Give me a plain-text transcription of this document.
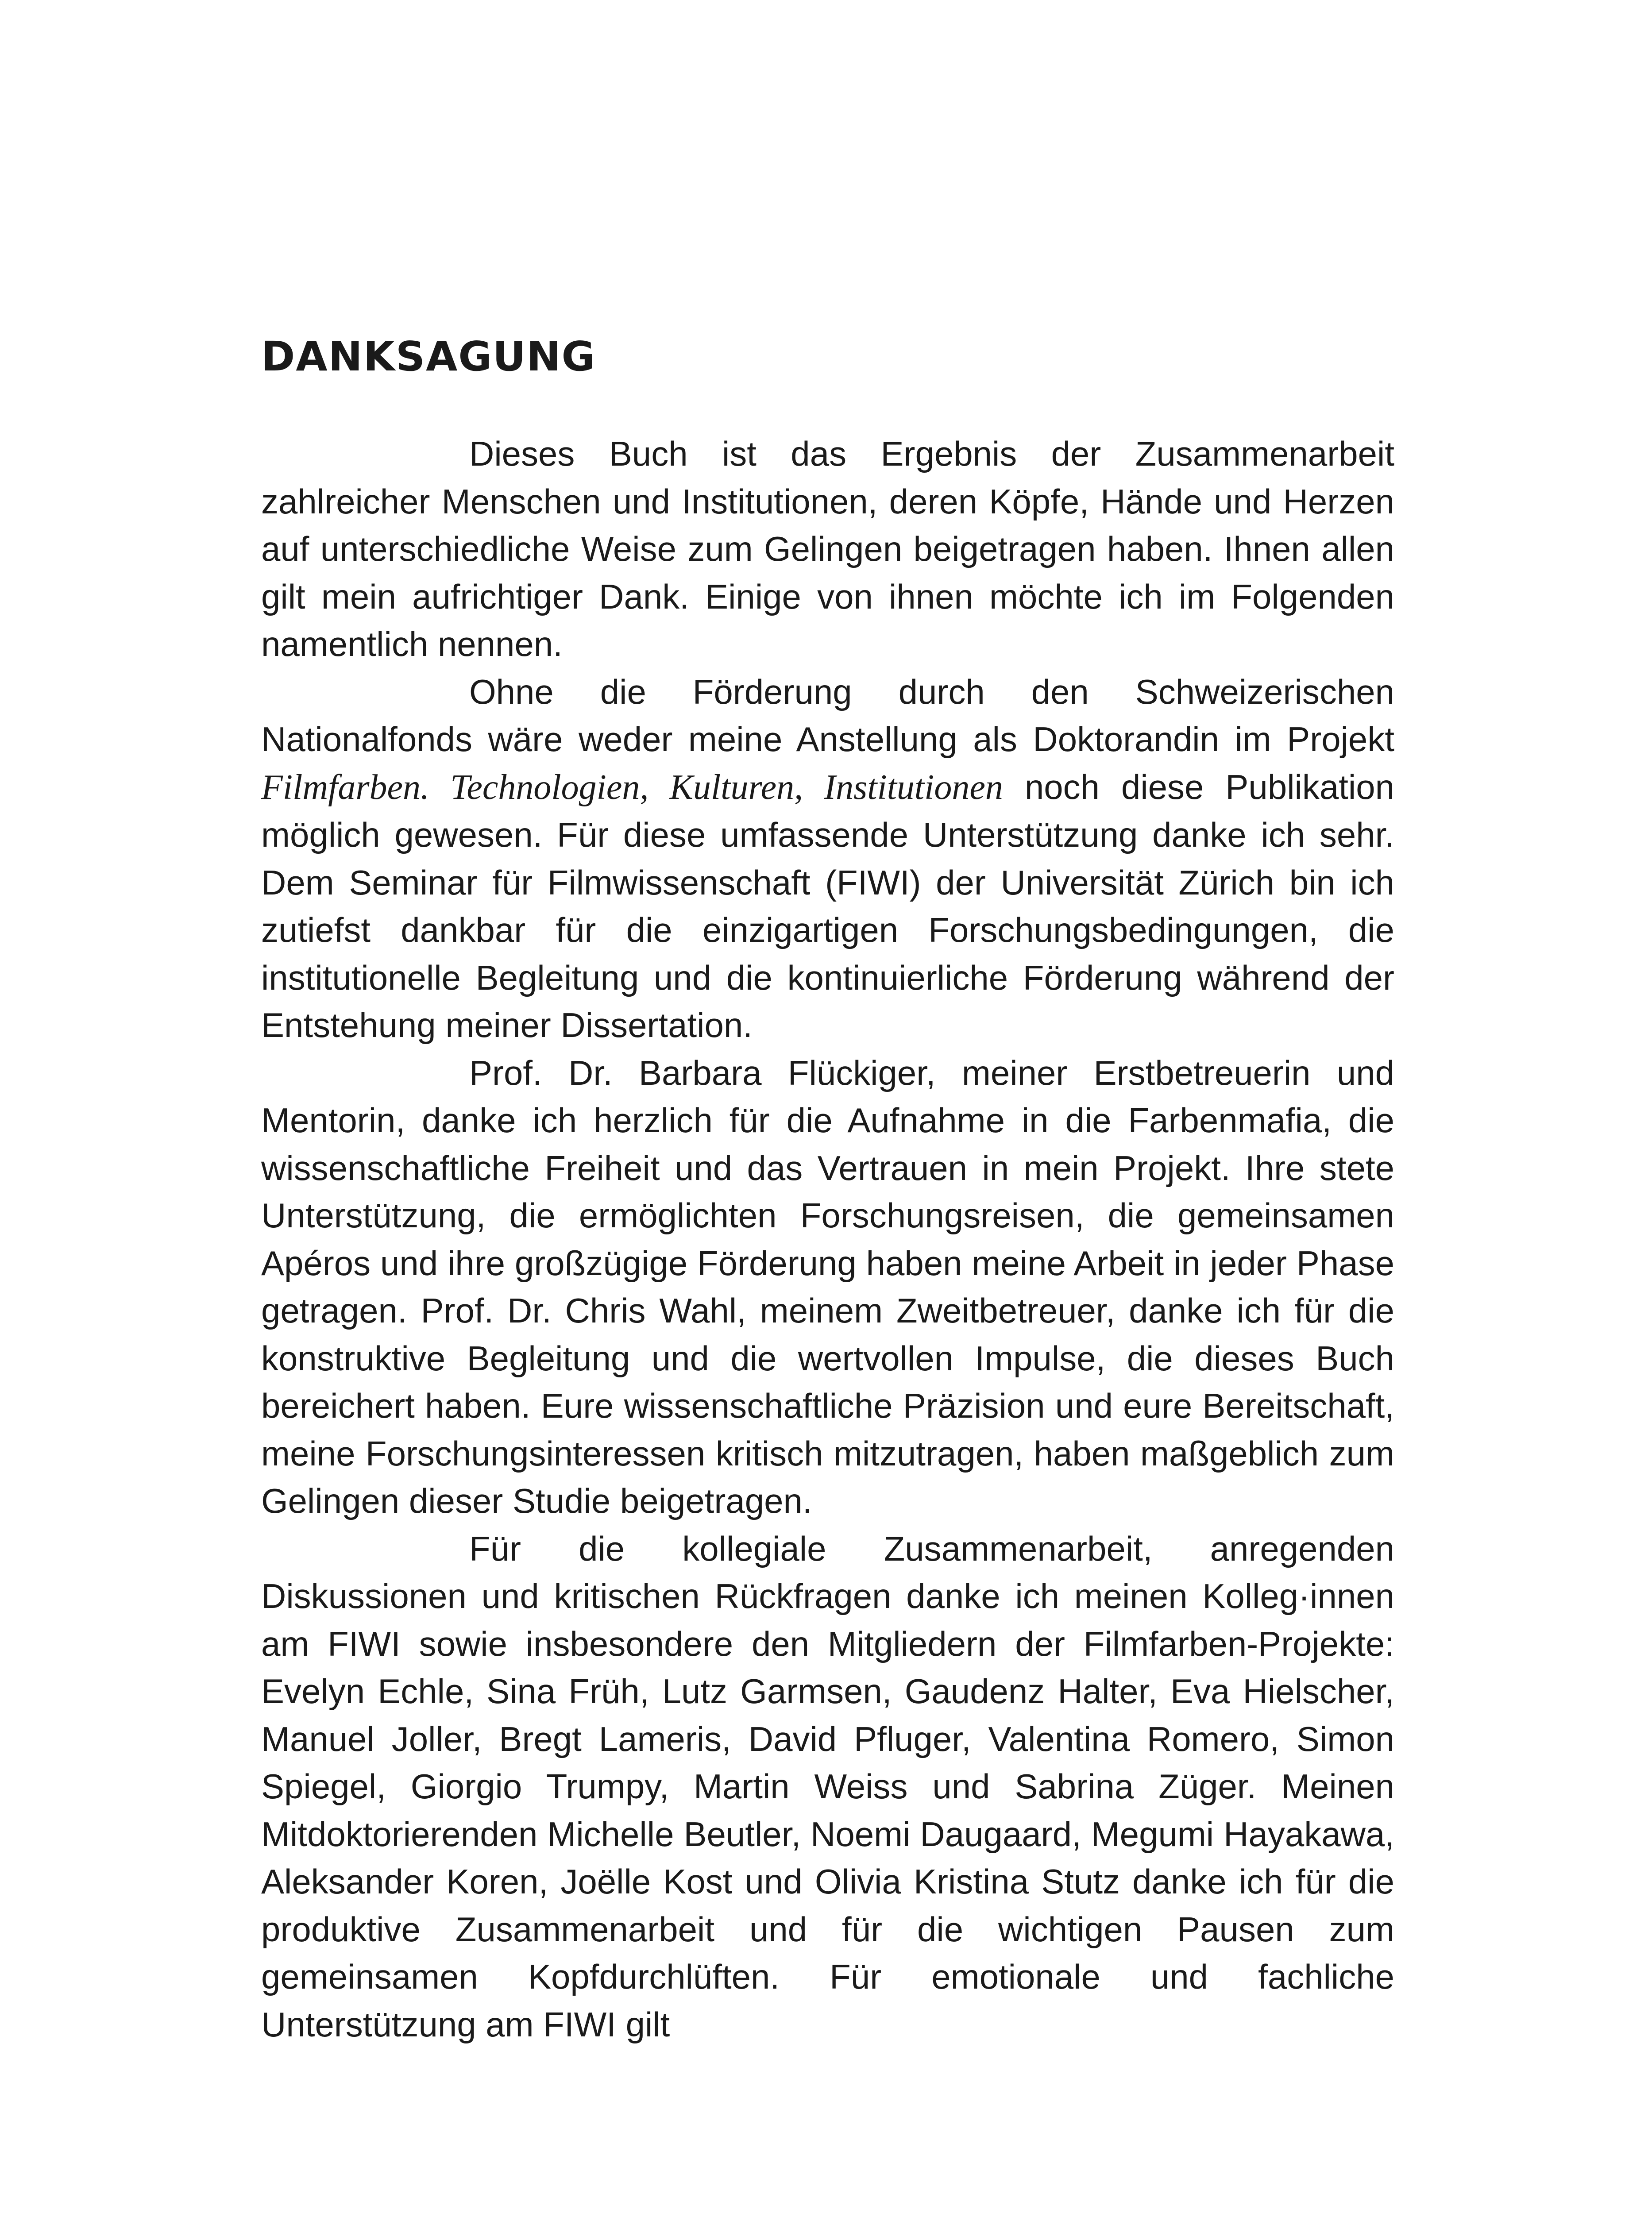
DANKSAGUNG

Dieses Buch ist das Ergebnis der Zusammenarbeit zahlreicher Menschen und Institutionen, deren Köpfe, Hände und Herzen auf unterschiedliche Weise zum Gelingen beigetragen haben. Ihnen allen gilt mein aufrichtiger Dank. Einige von ihnen möchte ich im Folgenden namentlich nennen.

Ohne die Förderung durch den Schweizerischen Nationalfonds wäre weder meine Anstellung als Doktorandin im Projekt Filmfarben. Technologien, Kulturen, Institutionen noch diese Publikation möglich gewesen. Für diese umfassende Unterstützung danke ich sehr. Dem Seminar für Filmwissenschaft (FIWI) der Universität Zürich bin ich zutiefst dankbar für die einzigartigen Forschungsbedingungen, die institutionelle Begleitung und die kontinuierliche Förderung während der Entstehung meiner Dissertation.

Prof. Dr. Barbara Flückiger, meiner Erstbetreuerin und Mentorin, danke ich herzlich für die Aufnahme in die Farbenmafia, die wissenschaftliche Freiheit und das Vertrauen in mein Projekt. Ihre stete Unterstützung, die ermöglichten Forschungsreisen, die gemeinsamen Apéros und ihre großzügige Förderung haben meine Arbeit in jeder Phase getragen. Prof. Dr. Chris Wahl, meinem Zweitbetreuer, danke ich für die konstruktive Begleitung und die wertvollen Impulse, die dieses Buch bereichert haben. Eure wissenschaftliche Präzision und eure Bereitschaft, meine Forschungsinteressen kritisch mitzutragen, haben maßgeblich zum Gelingen dieser Studie beigetragen.

Für die kollegiale Zusammenarbeit, anregenden Diskussionen und kritischen Rückfragen danke ich meinen Kolleg·innen am FIWI sowie insbesondere den Mitgliedern der Filmfarben-Projekte: Evelyn Echle, Sina Früh, Lutz Garmsen, Gaudenz Halter, Eva Hielscher, Manuel Joller, Bregt Lameris, David Pfluger, Valentina Romero, Simon Spiegel, Giorgio Trumpy, Martin Weiss und Sabrina Züger. Meinen Mitdoktorierenden Michelle Beutler, Noemi Daugaard, Megumi Hayakawa, Aleksander Koren, Joëlle Kost und Olivia Kristina Stutz danke ich für die produktive Zusammenarbeit und für die wichtigen Pausen zum gemeinsamen Kopfdurchlüften. Für emotionale und fachliche Unterstützung am FIWI gilt
